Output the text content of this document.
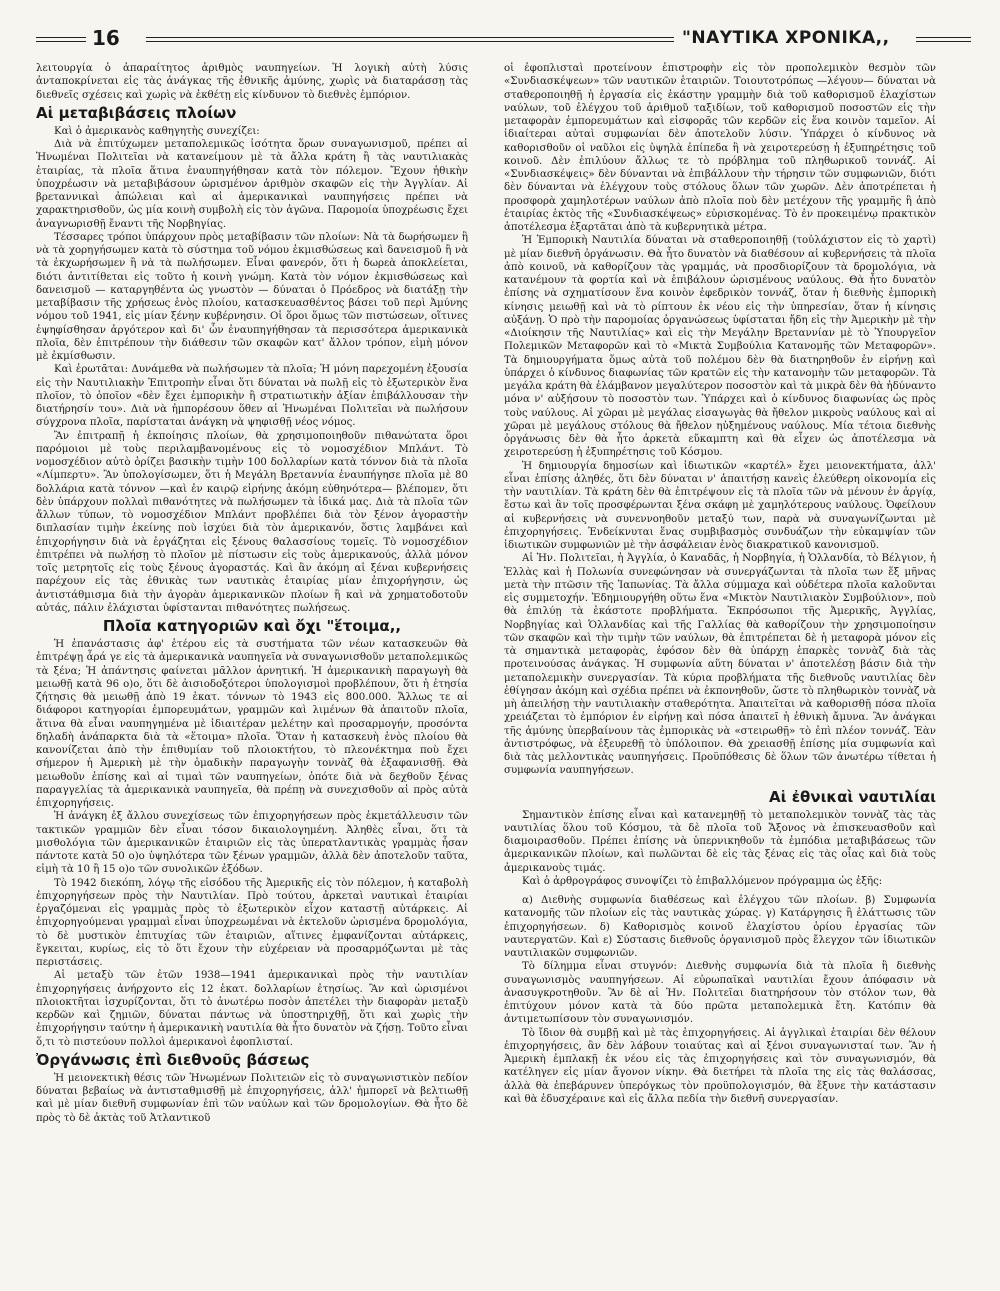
16	"ΝΑΥΤΙΚΑ ΧΡΟΝΙΚΑ,,

λειτουργία ὁ ἀπαραίτητος ἀριθμὸς ναυπηγείων. Ἡ λογικὴ αὐτὴ λύσις ἀνταποκρίνεται εἰς τὰς ἀνάγκας τῆς ἐθνικῆς ἀμύνης, χωρὶς νὰ διαταράσσῃ τὰς διεθνεῖς σχέσεις καὶ χωρὶς νὰ ἐκθέτῃ εἰς κίνδυνον τὸ διεθνὲς ἐμπόριον.

Αἱ μεταβιβάσεις πλοίων

Καὶ ὁ ἀμερικανὸς καθηγητὴς συνεχίζει:

Διὰ νὰ ἐπιτύχωμεν μεταπολεμικῶς ἰσότητα ὅρων συναγωνισμοῦ, πρέπει αἱ Ἡνωμέναι Πολιτεῖαι νὰ κατανείμουν μὲ τὰ ἄλλα κράτη ἢ τὰς ναυτιλιακὰς ἑταιρίας, τὰ πλοῖα ἅτινα ἐναυπηγήθησαν κατὰ τὸν πόλεμον. Ἔχουν ἠθικὴν ὑποχρέωσιν νὰ μεταβιβάσουν ὡρισμένον ἀριθμὸν σκαφῶν εἰς τὴν Ἀγγλίαν. Αἱ βρεταννικαὶ ἀπώλειαι καὶ αἱ ἀμερικανικαὶ ναυπηγήσεις πρέπει νὰ χαρακτηρισθοῦν, ὡς μία κοινὴ συμβολὴ εἰς τὸν ἀγῶνα. Παρομοία ὑποχρέωσις ἔχει ἀναγνωρισθῇ ἔναντι τῆς Νορβηγίας.

Τέσσαρες τρόποι ὑπάρχουν πρὸς μεταβίβασιν τῶν πλοίων: Νὰ τὰ δωρήσωμεν ἢ νὰ τὰ χορηγήσωμεν κατὰ τὸ σύστημα τοῦ νόμου ἐκμισθώσεως καὶ δανεισμοῦ ἢ νὰ τὰ ἐκχωρήσωμεν ἢ νὰ τὰ πωλήσωμεν. Εἶναι φανερόν, ὅτι ἡ δωρεὰ ἀποκλείεται, διότι ἀντιτίθεται εἰς τοῦτο ἡ κοινὴ γνώμη. Κατὰ τὸν νόμον ἐκμισθώσεως καὶ δανεισμοῦ — καταργηθέντα ὡς γνωστὸν — δύναται ὁ Πρόεδρος νὰ διατάξῃ τὴν μεταβίβασιν τῆς χρήσεως ἑνὸς πλοίου, κατασκευασθέντος βάσει τοῦ περὶ Ἀμύνης νόμου τοῦ 1941, εἰς μίαν ξένην κυβέρνησιν. Οἱ ὅροι ὅμως τῶν πιστώσεων, οἵτινες ἐψηφίσθησαν ἀργότερον καὶ δι' ὧν ἐναυπηγήθησαν τὰ περισσότερα ἀμερικανικὰ πλοῖα, δὲν ἐπιτρέπουν τὴν διάθεσιν τῶν σκαφῶν κατ' ἄλλον τρόπον, εἰμὴ μόνον μὲ ἐκμίσθωσιν.

Καὶ ἐρωτᾶται: Δυνάμεθα νὰ πωλήσωμεν τὰ πλοῖα; Ἡ μόνη παρεχομένη ἐξουσία εἰς τὴν Ναυτιλιακὴν Ἐπιτροπὴν εἶναι ὅτι δύναται νὰ πωλῇ εἰς τὸ ἐξωτερικὸν ἕνα πλοῖον, τὸ ὁποῖον «δὲν ἔχει ἐμπορικὴν ἢ στρατιωτικὴν ἀξίαν ἐπιβάλλουσαν τὴν διατήρησίν του». Διὰ νὰ ἠμπορέσουν ὅθεν αἱ Ἡνωμέναι Πολιτεῖαι νὰ πωλήσουν σύγχρονα πλοῖα, παρίσταται ἀνάγκη νὰ ψηφισθῇ νέος νόμος.

Ἂν ἐπιτραπῇ ἡ ἐκποίησις πλοίων, θὰ χρησιμοποιηθοῦν πιθανώτατα ὅροι παρόμοιοι μὲ τοὺς περιλαμβανομένους εἰς τὸ νομοσχέδιον Μπλάντ. Τὸ νομοσχέδιον αὐτὸ ὁρίζει βασικὴν τιμὴν 100 δολλαρίων κατὰ τόννον διὰ τὰ πλοῖα «Λίμπερτυ». Ἂν ὑπολογίσωμεν, ὅτι ἡ Μεγάλη Βρεταννία ἐναυπήγησε πλοῖα μὲ 80 δολλάρια κατὰ τόννον —καὶ ἐν καιρῷ εἰρήνης ἀκόμη εὐθηνότερα— βλέπομεν, ὅτι δὲν ὑπάρχουν πολλαὶ πιθανότητες νὰ πωλήσωμεν τὰ ἰδικά μας. Διὰ τὰ πλοῖα τῶν ἄλλων τύπων, τὸ νομοσχέδιον Μπλάντ προβλέπει διὰ τὸν ξένον ἀγοραστὴν διπλασίαν τιμὴν ἐκείνης ποὺ ἰσχύει διὰ τὸν ἀμερικανόν, ὅστις λαμβάνει καὶ ἐπιχορήγησιν διὰ νὰ ἐργάζηται εἰς ξένους θαλασσίους τομεῖς. Τὸ νομοσχέδιον ἐπιτρέπει νὰ πωλήσῃ τὸ πλοῖον μὲ πίστωσιν εἰς τοὺς ἀμερικανούς, ἀλλὰ μόνον τοῖς μετρητοῖς εἰς τοὺς ξένους ἀγοραστάς. Καὶ ἂν ἀκόμη αἱ ξέναι κυβερνήσεις παρέχουν εἰς τὰς ἐθνικὰς των ναυτικὰς ἑταιρίας μίαν ἐπιχορήγησιν, ὡς ἀντιστάθμισμα διὰ τὴν ἀγορὰν ἀμερικανικῶν πλοίων ἢ καὶ νὰ χρηματοδοτοῦν αὐτάς, πάλιν ἐλάχισται ὑφίστανται πιθανότητες πωλήσεως.

Πλοῖα κατηγοριῶν καὶ ὄχι "ἕτοιμα,,

Ἡ ἐπανάστασις ἀφ' ἑτέρου εἰς τὰ συστήματα τῶν νέων κατασκευῶν θὰ ἐπιτρέψῃ ἆρά γε εἰς τὰ ἀμερικανικὰ ναυπηγεῖα νὰ συναγωνισθοῦν μεταπολεμικῶς τὰ ξένα; Ἡ ἀπάντησις φαίνεται μᾶλλον ἀρνητική. Ἡ ἀμερικανικὴ παραγωγὴ θὰ μειωθῇ κατὰ 96 ο)ο, ὅτι δὲ ἀισιοδοξότεροι ὑπολογισμοὶ προβλέπουν, ὅτι ἡ ἐτησία ζήτησις θὰ μειωθῇ ἀπὸ 19 ἑκατ. τόννων τὸ 1943 εἰς 800.000. Ἄλλως τε αἱ διάφοροι κατηγορίαι ἐμπορευμάτων, γραμμῶν καὶ λιμένων θὰ ἀπαιτοῦν πλοῖα, ἅτινα θὰ εἶναι ναυπηγημένα μὲ ἰδιαιτέραν μελέτην καὶ προσαρμογήν, προσόντα δηλαδὴ ἀνάπαρκτα διὰ τὰ «ἕτοιμα» πλοῖα. Ὅταν ἡ κατασκευὴ ἑνὸς πλοίου θὰ κανονίζεται ἀπὸ τὴν ἐπιθυμίαν τοῦ πλοιοκτήτου, τὸ πλεονέκτημα ποὺ ἔχει σήμερον ἡ Ἀμερικὴ μὲ τὴν ὁμαδικὴν παραγωγὴν τοννὰζ θὰ ἐξαφανισθῇ. Θὰ μειωθοῦν ἐπίσης καὶ αἱ τιμαὶ τῶν ναυπηγείων, ὁπότε διὰ νὰ δεχθοῦν ξένας παραγγελίας τὰ ἀμερικανικὰ ναυπηγεῖα, θὰ πρέπῃ νὰ συνεχισθοῦν αἱ πρὸς αὐτὰ ἐπιχορηγήσεις.

Ἡ ἀνάγκη ἐξ ἄλλου συνεχίσεως τῶν ἐπιχορηγήσεων πρὸς ἐκμετάλλευσιν τῶν τακτικῶν γραμμῶν δὲν εἶναι τόσον δικαιολογημένη. Ἀληθὲς εἶναι, ὅτι τὰ μισθολόγια τῶν ἀμερικανικῶν ἑταιριῶν εἰς τὰς ὑπερατλαντικὰς γραμμὰς ἦσαν πάντοτε κατὰ 50 ο)ο ὑψηλότερα τῶν ξένων γραμμῶν, ἀλλὰ δὲν ἀποτελοῦν ταῦτα, εἰμὴ τὰ 10 ἢ 15 ο)ο τῶν συνολικῶν ἐξόδων.

Τὸ 1942 διεκόπη, λόγῳ τῆς εἰσόδου τῆς Ἀμερικῆς εἰς τὸν πόλεμον, ἡ καταβολὴ ἐπιχορηγήσεων πρὸς τὴν Ναυτιλίαν. Πρὸ τούτου, ἀρκεταὶ ναυτικαὶ ἑταιρίαι ἐργαζόμεναι εἰς γραμμὰς πρὸς τὸ ἐξωτερικὸν εἶχον καταστῇ αὐτάρκεις. Αἱ ἐπιχορηγούμεναι γραμμαὶ εἶναι ὑποχρεωμέναι νὰ ἐκτελοῦν ὡρισμένα δρομολόγια, τὸ δὲ μυστικὸν ἐπιτυχίας τῶν ἑταιριῶν, αἵτινες ἐμφανίζονται αὐτάρκεις, ἔγκειται, κυρίως, εἰς τὸ ὅτι ἔχουν τὴν εὐχέρειαν νὰ προσαρμόζωνται μὲ τὰς περιστάσεις.

Αἱ μεταξὺ τῶν ἐτῶν 1938—1941 ἀμερικανικαὶ πρὸς τὴν ναυτιλίαν ἐπιχορηγήσεις ἀνήρχοντο εἰς 12 ἑκατ. δολλαρίων ἐτησίως. Ἂν καὶ ὡρισμένοι πλοιοκτῆται ἰσχυρίζονται, ὅτι τὸ ἀνωτέρω ποσὸν ἀπετέλει τὴν διαφορὰν μεταξὺ κερδῶν καὶ ζημιῶν, δύναται πάντως νὰ ὑποστηριχθῇ, ὅτι καὶ χωρὶς τὴν ἐπιχορήγησιν ταύτην ἡ ἀμερικανικὴ ναυτιλία θὰ ἦτο δυνατὸν νὰ ζήσῃ. Τοῦτο εἶναι ὅ,τι τὸ πιστεύουν πολλοὶ ἀμερικανοὶ ἐφοπλισταί.

Ὀργάνωσις ἐπὶ διεθνοῦς βάσεως

Ἡ μειονεκτικὴ θέσις τῶν Ἡνωμένων Πολιτειῶν εἰς τὸ συναγωνιστικὸν πεδίον δύναται βεβαίως νὰ ἀντισταθμισθῇ μὲ ἐπιχορηγήσεις, ἀλλ' ἡμπορεῖ νὰ βελτιωθῇ καὶ μὲ μίαν διεθνῆ συμφωνίαν ἐπὶ τῶν ναύλων καὶ τῶν δρομολογίων. Θὰ ἦτο δὲ πρὸς τὸ δὲ ἀκτὰς τοῦ Ἀτλαντικοῦ

οἱ ἐφοπλισταὶ προτείνουν ἐπιστροφὴν εἰς τὸν προπολεμικὸν θεσμὸν τῶν «Συνδιασκέψεων» τῶν ναυτικῶν ἑταιριῶν. Τοιουτοτρόπως —λέγουν— δύναται νὰ σταθεροποιηθῇ ἡ ἐργασία εἰς ἑκάστην γραμμὴν διὰ τοῦ καθορισμοῦ ἐλαχίστων ναύλων, τοῦ ἐλέγχου τοῦ ἀριθμοῦ ταξιδίων, τοῦ καθορισμοῦ ποσοστῶν εἰς τὴν μεταφορὰν ἐμπορευμάτων καὶ εἰσφορᾶς τῶν κερδῶν εἰς ἕνα κοινὸν ταμεῖον. Αἱ ἰδιαίτεραι αὐταὶ συμφωνίαι δὲν ἀποτελοῦν λύσιν. Ὑπάρχει ὁ κίνδυνος νὰ καθορισθοῦν οἱ ναῦλοι εἰς ὑψηλὰ ἐπίπεδα ἢ νὰ χειροτερεύσῃ ἡ ἐξυπηρέτησις τοῦ κοινοῦ. Δὲν ἐπιλύουν ἄλλως τε τὸ πρόβλημα τοῦ πληθωρικοῦ τοννάζ. Αἱ «Συνδιασκέψεις» δὲν δύνανται νὰ ἐπιβάλλουν τὴν τήρησιν τῶν συμφωνιῶν, διότι δὲν δύνανται νὰ ἐλέγχουν τοὺς στόλους ὅλων τῶν χωρῶν. Δὲν ἀποτρέπεται ἡ προσφορὰ χαμηλοτέρων ναύλων ἀπὸ πλοῖα ποὺ δὲν μετέχουν τῆς γραμμῆς ἢ ἀπὸ ἑταιρίας ἐκτὸς τῆς «Συνδιασκέψεως» εὑρισκομένας. Τὸ ἐν προκειμένῳ πρακτικὸν ἀποτέλεσμα ἐξαρτᾶται ἀπὸ τὰ κυβερνητικὰ μέτρα.

Ἡ Ἐμπορικὴ Ναυτιλία δύναται νὰ σταθεροποιηθῇ (τοὐλάχιστον εἰς τὸ χαρτὶ) μὲ μίαν διεθνῆ ὀργάνωσιν. Θὰ ἦτο δυνατὸν νὰ διαθέσουν αἱ κυβερνήσεις τὰ πλοῖα ἀπὸ κοινοῦ, νὰ καθορίζουν τὰς γραμμάς, νὰ προσδιορίζουν τὰ δρομολόγια, νὰ κατανέμουν τὰ φορτία καὶ νὰ ἐπιβάλουν ὡρισμένους ναύλους. Θὰ ἦτο δυνατὸν ἐπίσης νὰ σχηματίσουν ἕνα κοινὸν ἐφεδρικὸν τοννάζ, ὅταν ἡ διεθνὴς ἐμπορικὴ κίνησις μειωθῇ καὶ νὰ τὸ ρίπτουν ἐκ νέου εἰς τὴν ὑπηρεσίαν, ὅταν ἡ κίνησις αὐξάνῃ. Ὁ πρὸ τὴν παρομοίας ὀργανώσεως ὑφίσταται ἤδη εἰς τὴν Ἀμερικὴν μὲ τὴν «Διοίκησιν τῆς Ναυτιλίας» καὶ εἰς τὴν Μεγάλην Βρεταννίαν μὲ τὸ Ὑπουργεῖον Πολεμικῶν Μεταφορῶν καὶ τὸ «Μικτὰ Συμβούλια Κατανομῆς τῶν Μεταφορῶν». Τὰ δημιουργήματα ὅμως αὐτὰ τοῦ πολέμου δὲν θὰ διατηρηθοῦν ἐν εἰρήνῃ καὶ ὑπάρχει ὁ κίνδυνος διαφωνίας τῶν κρατῶν εἰς τὴν κατανομὴν τῶν μεταφορῶν. Τὰ μεγάλα κράτη θὰ ἐλάμβανον μεγαλύτερον ποσοστὸν καὶ τὰ μικρὰ δὲν θὰ ἠδύναντο μόνα ν' αὐξήσουν τὸ ποσοστὸν των. Ὑπάρχει καὶ ὁ κίνδυνος διαφωνίας ὡς πρὸς τοὺς ναύλους. Αἱ χῶραι μὲ μεγάλας εἰσαγωγὰς θὰ ἤθελον μικροὺς ναύλους καὶ αἱ χῶραι μὲ μεγάλους στόλους θὰ ἤθελον ηὐξημένους ναύλους. Μία τέτοια διεθνὴς ὀργάνωσις δὲν θὰ ἦτο ἀρκετὰ εὔκαμπτη καὶ θὰ εἶχεν ὡς ἀποτέλεσμα νὰ χειροτερεύσῃ ἡ ἐξυπηρέτησις τοῦ Κόσμου.

Ἡ δημιουργία δημοσίων καὶ ἰδιωτικῶν «καρτέλ» ἔχει μειονεκτήματα, ἀλλ' εἶναι ἐπίσης ἀληθές, ὅτι δὲν δύναται ν' ἀπαιτήσῃ κανεὶς ἐλεύθερη οἰκονομία εἰς τὴν ναυτιλίαν. Τὰ κράτη δὲν θὰ ἐπιτρέψουν εἰς τὰ πλοῖα τῶν νὰ μένουν ἐν ἀργίᾳ, ἔστω καὶ ἂν τοῖς προσφέρωνται ξένα σκάφη μὲ χαμηλότερους ναύλους. Ὀφείλουν αἱ κυβερνήσεις νὰ συνεννοηθοῦν μεταξύ των, παρὰ νὰ συναγωνίζωνται μὲ ἐπιχορηγήσεις. Ἐνδείκνυται ἕνας συμβιβασμὸς συνδυάζων τὴν εὐκαμψίαν τῶν ἰδιωτικῶν συμφωνιῶν μὲ τὴν ἀσφάλειαν ἑνὸς διακρατικοῦ κανονισμοῦ.

Αἱ Ἡν. Πολιτεῖαι, ἡ Ἀγγλία, ὁ Καναδᾶς, ἡ Νορβηγία, ἡ Ὁλλανδία, τὸ Βέλγιον, ἡ Ἑλλὰς καὶ ἡ Πολωνία συνεφώνησαν νὰ συνεργάζωνται τὰ πλοῖα των ἕξ μῆνας μετὰ τὴν πτῶσιν τῆς Ἰαπωνίας. Τὰ ἄλλα σύμμαχα καὶ οὐδέτερα πλοῖα καλοῦνται εἰς συμμετοχήν. Ἐδημιουργήθη οὕτω ἕνα «Μικτὸν Ναυτιλιακὸν Συμβούλιον», ποὺ θὰ ἐπιλύῃ τὰ ἑκάστοτε προβλήματα. Ἐκπρόσωποι τῆς Ἀμερικῆς, Ἀγγλίας, Νορβηγίας καὶ Ὁλλανδίας καὶ τῆς Γαλλίας θὰ καθορίζουν τὴν χρησιμοποίησιν τῶν σκαφῶν καὶ τὴν τιμὴν τῶν ναύλων, θὰ ἐπιτρέπεται δὲ ἡ μεταφορὰ μόνον εἰς τὰ σημαντικὰ μεταφορὰς, ἐφόσον δὲν θὰ ὑπάρχῃ ἐπαρκὲς τοννὰζ διὰ τὰς προτεινούσας ἀνάγκας. Ἡ συμφωνία αὕτη δύναται ν' ἀποτελέσῃ βάσιν διὰ τὴν μεταπολεμικὴν συνεργασίαν. Τὰ κύρια προβλήματα τῆς διεθνοῦς ναυτιλίας δὲν ἐθίγησαν ἀκόμη καὶ σχέδια πρέπει νὰ ἐκπονηθοῦν, ὥστε τὸ πληθωρικὸν τοννὰζ νὰ μὴ ἀπειλήσῃ τὴν ναυτιλιακὴν σταθερότητα. Ἀπαιτεῖται νὰ καθορισθῇ πόσα πλοῖα χρειάζεται τὸ ἐμπόριον ἐν εἰρήνῃ καὶ πόσα ἀπαιτεῖ ἡ ἐθνικὴ ἄμυνα. Ἂν ἀνάγκαι τῆς ἀμύνης ὑπερβαίνουν τὰς ἐμπορικὰς νὰ «στειρωθῇ» τὸ ἐπὶ πλέον τοννάζ. Ἐὰν ἀντιστρόφως, νὰ ἐξευρεθῇ τὸ ὑπόλοιπον. Θὰ χρειασθῇ ἐπίσης μία συμφωνία καὶ διὰ τὰς μελλοντικὰς ναυπηγήσεις. Προϋπόθεσις δὲ ὅλων τῶν ἀνωτέρω τίθεται ἡ συμφωνία ναυπηγήσεων.

Αἱ ἐθνικαὶ ναυτιλίαι

Σημαντικὸν ἐπίσης εἶναι καὶ κατανεμηθῇ τὸ μεταπολεμικὸν τοννὰζ τὰς τὰς ναυτιλίας ὅλου τοῦ Κόσμου, τὰ δὲ πλοῖα τοῦ Ἄξονος νὰ ἐπισκευασθοῦν καὶ διαμοιρασθοῦν. Πρέπει ἐπίσης νὰ ὑπερνικηθοῦν τὰ ἐμπόδια μεταβιβάσεως τῶν ἀμερικανικῶν πλοίων, καὶ πωλῶνται δὲ εἰς τὰς ξένας εἰς τὰς οἷας καὶ διὰ τοὺς ἀμερικανοὺς τιμάς.

Καὶ ὁ ἀρθρογράφος συνοψίζει τὸ ἐπιβαλλόμενον πρόγραμμα ὡς ἑξῆς:

α) Διεθνὴς συμφωνία διαθέσεως καὶ ἐλέγχου τῶν πλοίων. β) Συμφωνία κατανομῆς τῶν πλοίων εἰς τὰς ναυτικὰς χώρας. γ) Κατάργησις ἢ ἐλάττωσις τῶν ἐπιχορηγήσεων. δ) Καθορισμὸς κοινοῦ ἐλαχίστου ὁρίου ἐργασίας τῶν ναυτεργατῶν. Καὶ ε) Σύστασις διεθνοῦς ὀργανισμοῦ πρὸς ἔλεγχον τῶν ἰδιωτικῶν ναυτιλιακῶν συμφωνιῶν.

Τὸ δίλημμα εἶναι στυγνόν: Διεθνὴς συμφωνία διὰ τὰ πλοῖα ἢ διεθνὴς συναγωνισμὸς ναυπηγήσεων. Αἱ εὐρωπαϊκαὶ ναυτιλίαι ἔχουν ἀπόφασιν νὰ ἀνασυγκροτηθοῦν. Ἂν δὲ αἱ Ἡν. Πολιτεῖαι διατηρήσουν τὸν στόλον των, θὰ ἐπιτύχουν μόνον κατὰ τὰ δύο πρῶτα μεταπολεμικὰ ἔτη. Κατόπιν θὰ ἀντιμετωπίσουν τὸν συναγωνισμόν.

Τὸ ἴδιον θὰ συμβῇ καὶ μὲ τὰς ἐπιχορηγήσεις. Αἱ ἀγγλικαὶ ἑταιρίαι δὲν θέλουν ἐπιχορηγήσεις, ἂν δὲν λάβουν τοιαύτας καὶ αἱ ξένοι συναγωνισταί των. Ἂν ἡ Ἀμερικὴ ἐμπλακῇ ἐκ νέου εἰς τὰς ἐπιχορηγήσεις καὶ τὸν συναγωνισμόν, θὰ κατέληγεν εἰς μίαν ἄγονον νίκην. Θὰ διετήρει τὰ πλοῖα της εἰς τὰς θαλάσσας, ἀλλὰ θὰ ἐπεβάρυνεν ὑπερόγκως τὸν προϋπολογισμόν, θὰ ἔξυνε τὴν κατάστασιν καὶ θὰ ἐδυσχέραινε καὶ εἰς ἄλλα πεδία τὴν διεθνῆ συνεργασίαν.
